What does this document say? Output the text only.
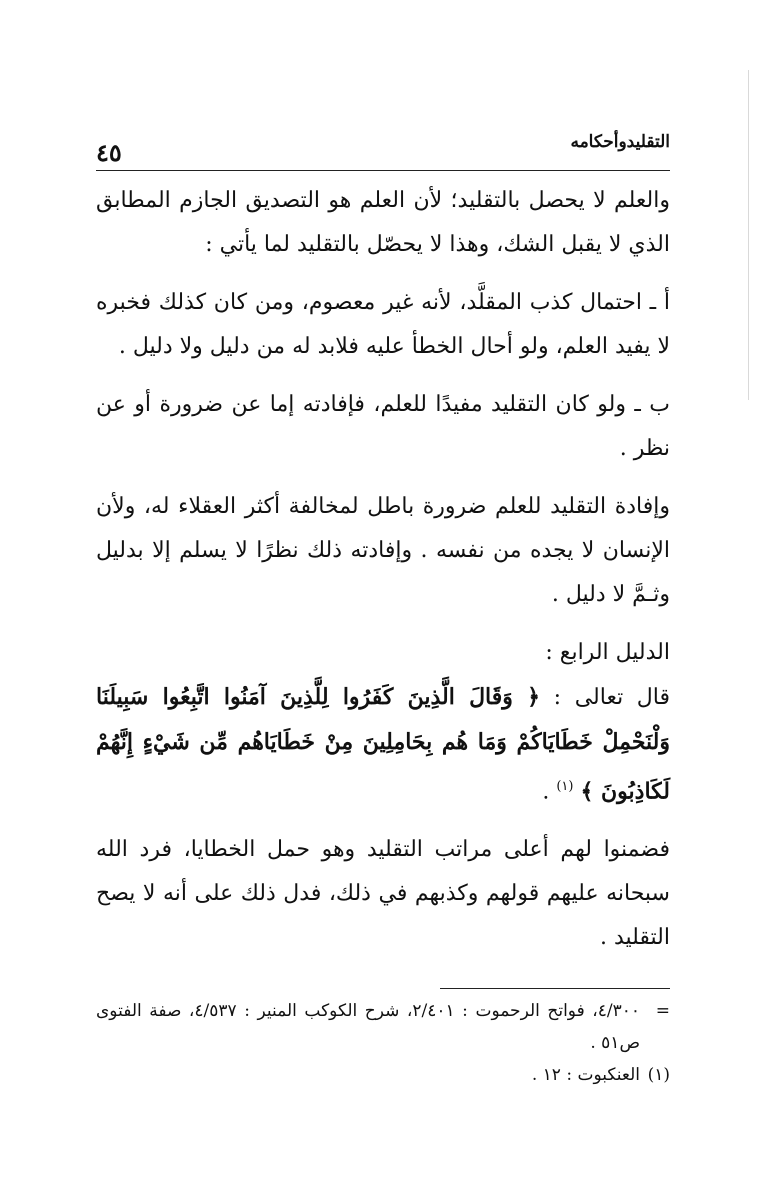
التقليدوأحكامه
٤٥

والعلم لا يحصل بالتقليد؛ لأن العلم هو التصديق الجازم المطابق الذي لا يقبل الشك، وهذا لا يحصّل بالتقليد لما يأتي :

أ ـ احتمال كذب المقلَّد، لأنه غير معصوم، ومن كان كذلك فخبره لا يفيد العلم، ولو أحال الخطأ عليه فلابد له من دليل ولا دليل .

ب ـ ولو كان التقليد مفيدًا للعلم، فإفادته إما عن ضرورة أو عن نظر .

وإفادة التقليد للعلم ضرورة باطل لمخالفة أكثر العقلاء له، ولأن الإنسان لا يجده من نفسه . وإفادته ذلك نظرًا لا يسلم إلا بدليل وثـمَّ لا دليل .

الدليل الرابع :

قال تعالى : ﴿ وَقَالَ الَّذِينَ كَفَرُوا لِلَّذِينَ آمَنُوا اتَّبِعُوا سَبِيلَنَا وَلْنَحْمِلْ خَطَايَاكُمْ وَمَا هُم بِحَامِلِينَ مِنْ خَطَايَاهُم مِّن شَيْءٍ إِنَّهُمْ لَكَاذِبُونَ ﴾ $^{(١)}$ .

فضمنوا لهم أعلى مراتب التقليد وهو حمل الخطايا، فرد الله سبحانه عليهم قولهم وكذبهم في ذلك، فدل ذلك على أنه لا يصح التقليد .

=
٤/٣٠٠، فواتح الرحموت : ٢/٤٠١، شرح الكوكب المنير : ٤/٥٣٧، صفة الفتوى ص٥١ .
(١)
العنكبوت : ١٢ .
